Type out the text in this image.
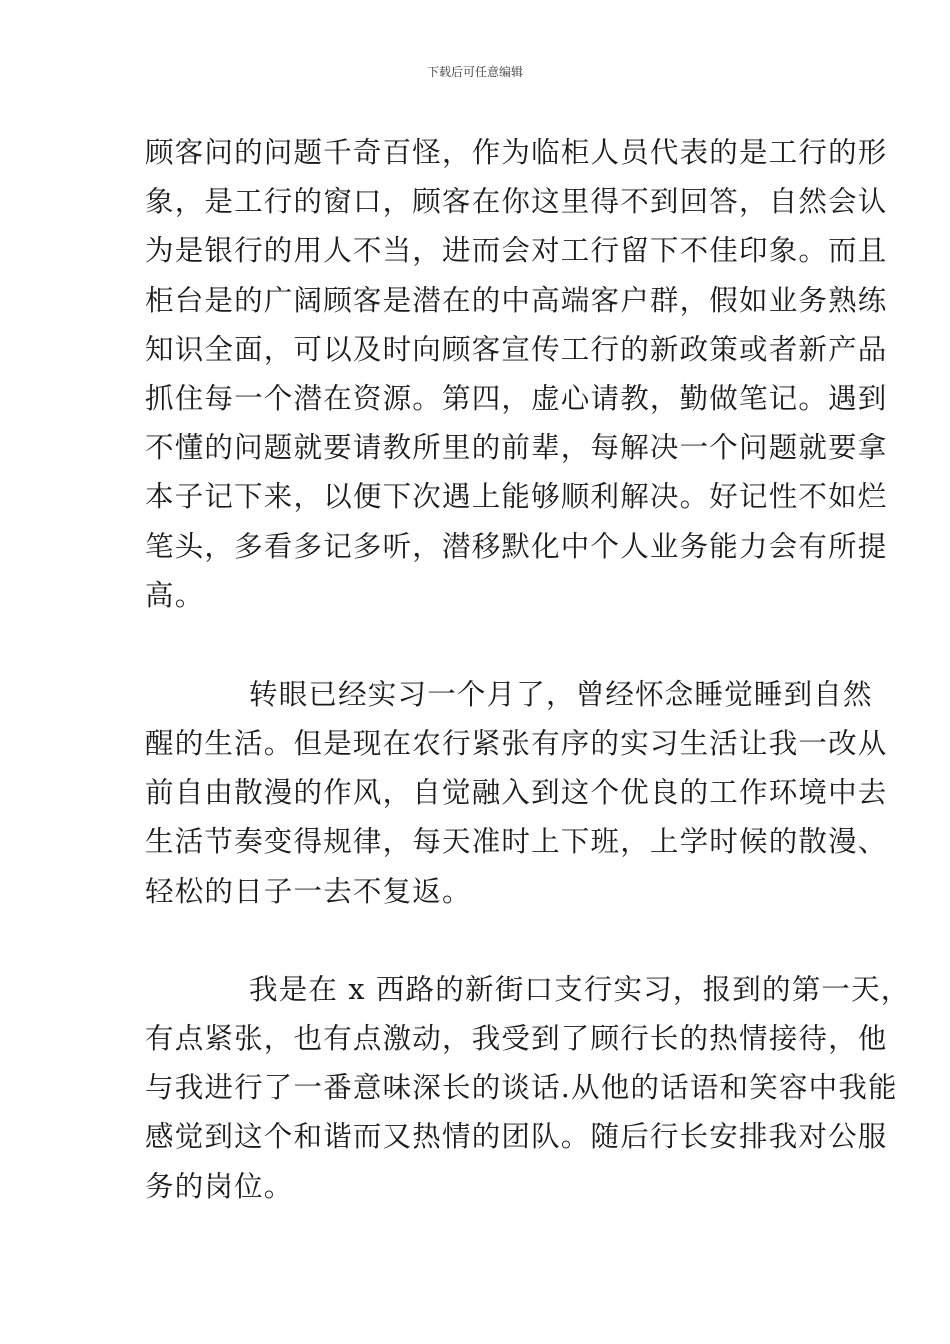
下载后可任意编辑
顾客问的问题千奇百怪，作为临柜人员代表的是工行的形
象，是工行的窗口，顾客在你这里得不到回答，自然会认
为是银行的用人不当，进而会对工行留下不佳印象。而且
柜台是的广阔顾客是潜在的中高端客户群，假如业务熟练
知识全面，可以及时向顾客宣传工行的新政策或者新产品
抓住每一个潜在资源。第四，虚心请教，勤做笔记。遇到
不懂的问题就要请教所里的前辈，每解决一个问题就要拿
本子记下来，以便下次遇上能够顺利解决。好记性不如烂
笔头，多看多记多听，潜移默化中个人业务能力会有所提
高。
转眼已经实习一个月了，曾经怀念睡觉睡到自然
醒的生活。但是现在农行紧张有序的实习生活让我一改从
前自由散漫的作风，自觉融入到这个优良的工作环境中去
生活节奏变得规律，每天准时上下班，上学时候的散漫、
轻松的日子一去不复返。
我是在 x 西路的新街口支行实习，报到的第一天，
有点紧张，也有点激动，我受到了顾行长的热情接待，他
与我进行了一番意味深长的谈话.从他的话语和笑容中我能
感觉到这个和谐而又热情的团队。随后行长安排我对公服
务的岗位。
